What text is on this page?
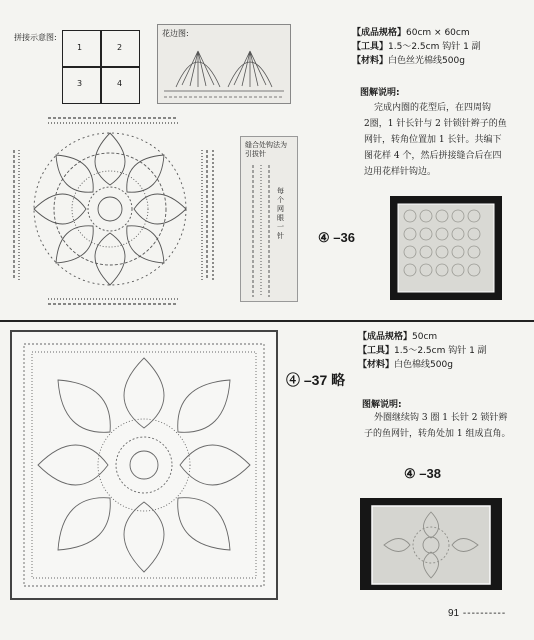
拼接示意图:
1	2
3	4
花边图:
缝合处钩法为引拔针
每个网眼一针
【成品规格】60cm × 60cm
【工具】1.5～2.5cm 钩针 1 副
【材料】白色丝光棉线500g
图解说明:
完成内圈的花型后，在四周钩
2圈，1 针长针与 2 针锁针辫子的鱼
网针，转角位置加 1 长针。共编下
图花样 4 个，然后拼接缝合后在四
边用花样针钩边。
④ –36
④ –37 略
【成品规格】50cm
【工具】1.5～2.5cm 钩针 1 副
【材料】白色棉线500g
图解说明:
外圈继续钩 3 圈 1 长针 2 锁针辫
子的鱼网针，转角处加 1 组成直角。
④ –38
91 ----------
